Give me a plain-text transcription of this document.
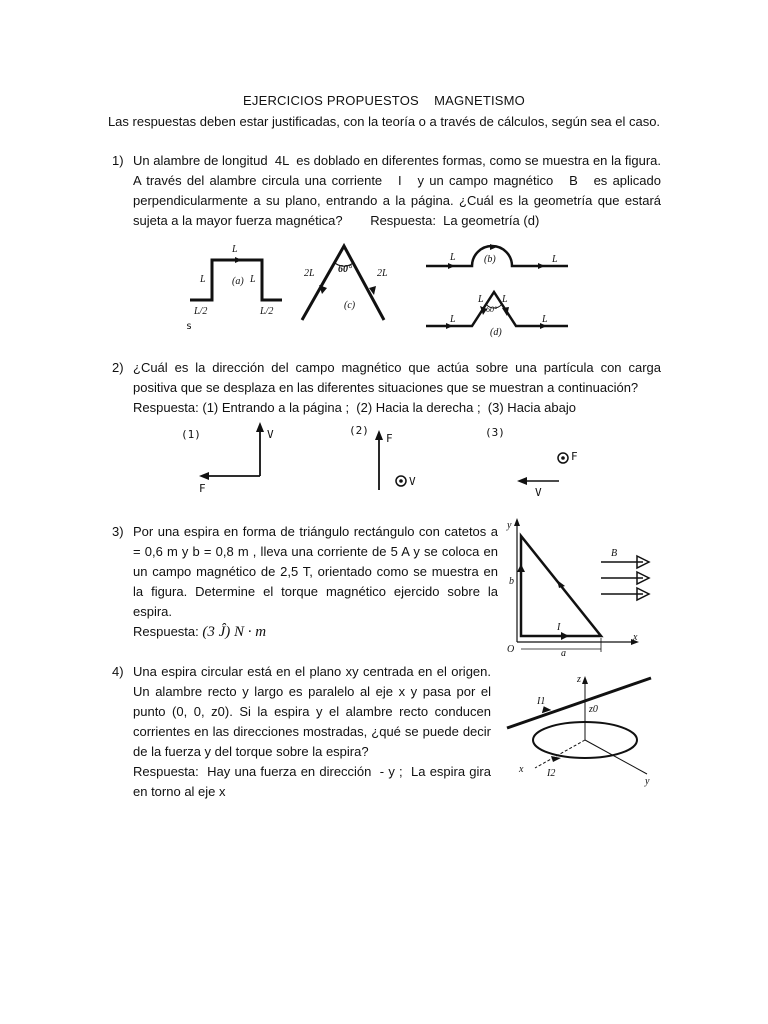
EJERCICIOS PROPUESTOS    MAGNETISMO
Las respuestas deben estar justificadas, con la teoría o a través de cálculos, según sea el caso.
1) Un alambre de longitud  4L  es doblado en diferentes formas, como se muestra en la figura. A través del alambre circula una corriente   I   y un campo magnético   B   es aplicado perpendicularmente a su plano, entrando a la página. ¿Cuál es la geometría que estará sujeta a la mayor fuerza magnética? Respuesta:  La geometría (d)
L
L	(a) L
L/2	L/2
s
2L 60°	2L
(c)
L	(b)	L
L
60°
L L
L
(d)
2) ¿Cuál es la dirección del campo magnético que actúa sobre una partícula con carga positiva que se desplaza en las diferentes situaciones que se muestran a continuación?
Respuesta: (1) Entrando a la página ;  (2) Hacia la derecha ;  (3) Hacia abajo
(1)	(2)	(3)
V
F
F
V
F
V
3) Por una espira en forma de triángulo rectángulo con catetos a = 0,6 m y b = 0,8 m , lleva una corriente de 5 A y se coloca en un campo magnético de 2,5 T, orientado como se muestra en la figura. Determine el torque magnético ejercido sobre la espira.
Respuesta: (3 Ĵ) N · m
y
b
B
I
O	a
x
4) Una espira circular está en el plano xy centrada en el origen. Un alambre recto y largo es paralelo al eje x y pasa por el punto (0, 0, z0). Si la espira y el alambre recto conducen corrientes en las direcciones mostradas, ¿qué se puede decir de la fuerza y del torque sobre la espira?
Respuesta:  Hay una fuerza en dirección  - y ;  La espira gira en torno al eje x
z
I1
z0
x I2
y
